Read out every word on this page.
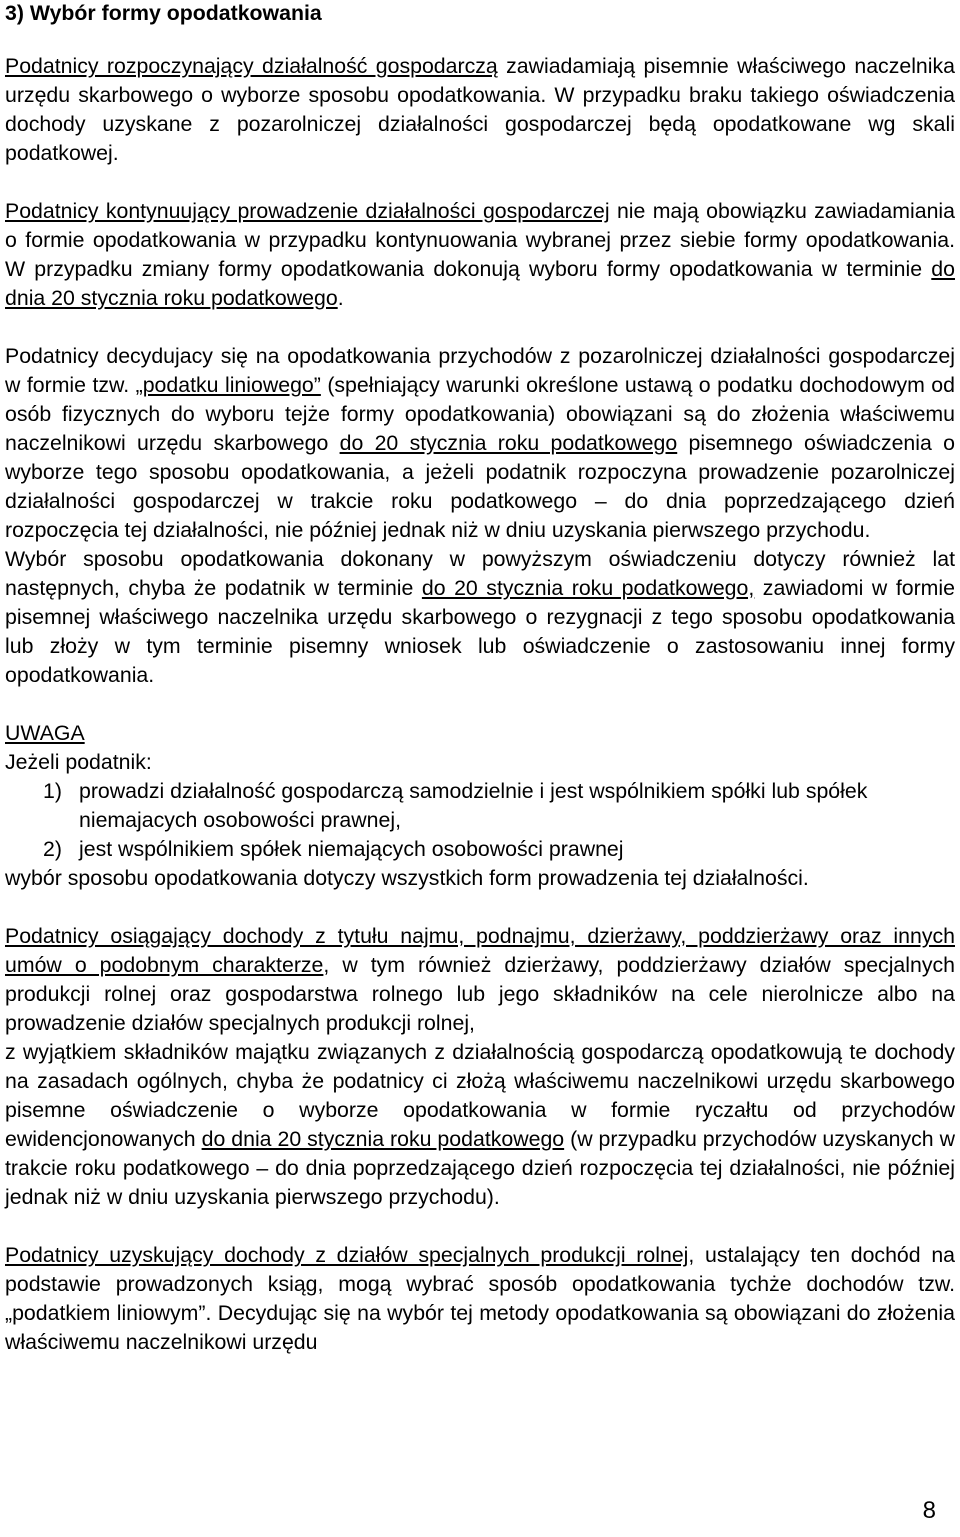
3) Wybór formy opodatkowania

Podatnicy rozpoczynający działalność gospodarczą zawiadamiają pisemnie właściwego naczelnika urzędu skarbowego o wyborze sposobu opodatkowania. W przypadku braku takiego oświadczenia dochody uzyskane z pozarolniczej działalności gospodarczej będą opodatkowane wg skali podatkowej.

Podatnicy kontynuujący prowadzenie działalności gospodarczej nie mają obowiązku zawiadamiania o formie opodatkowania w przypadku kontynuowania wybranej przez siebie formy opodatkowania. W przypadku zmiany formy opodatkowania dokonują wyboru formy opodatkowania w terminie do dnia 20 stycznia roku podatkowego.

Podatnicy decydujacy się na opodatkowania przychodów z pozarolniczej działalności gospodarczej w formie tzw. „podatku liniowego” (spełniający warunki określone ustawą o podatku dochodowym od osób fizycznych do wyboru tejże formy opodatkowania) obowiązani są do złożenia właściwemu naczelnikowi urzędu skarbowego do 20 stycznia roku podatkowego pisemnego oświadczenia o wyborze tego sposobu opodatkowania, a jeżeli podatnik rozpoczyna prowadzenie pozarolniczej działalności gospodarczej w trakcie roku podatkowego – do dnia poprzedzającego dzień rozpoczęcia tej działalności, nie później jednak niż w dniu uzyskania pierwszego przychodu.

Wybór sposobu opodatkowania dokonany w powyższym oświadczeniu dotyczy również lat następnych, chyba że podatnik w terminie do 20 stycznia roku podatkowego, zawiadomi w formie pisemnej właściwego naczelnika urzędu skarbowego o rezygnacji z tego sposobu opodatkowania lub złoży w tym terminie pisemny wniosek lub oświadczenie o zastosowaniu innej formy opodatkowania.

UWAGA

Jeżeli podatnik:

1) prowadzi działalność gospodarczą samodzielnie i jest wspólnikiem spółki lub spółek niemajacych osobowości prawnej,
2) jest wspólnikiem spółek niemających osobowości prawnej

wybór sposobu opodatkowania dotyczy wszystkich form prowadzenia tej działalności.

Podatnicy osiągający dochody z tytułu najmu, podnajmu, dzierżawy, poddzierżawy oraz innych umów o podobnym charakterze, w tym również dzierżawy, poddzierżawy działów specjalnych produkcji rolnej oraz gospodarstwa rolnego lub jego składników na cele nierolnicze albo na prowadzenie działów specjalnych produkcji rolnej,

z wyjątkiem składników majątku związanych z działalnością gospodarczą opodatkowują te dochody na zasadach ogólnych, chyba że podatnicy ci złożą właściwemu naczelnikowi urzędu skarbowego pisemne oświadczenie o wyborze opodatkowania w formie ryczałtu od przychodów ewidencjonowanych do dnia 20 stycznia roku podatkowego (w przypadku przychodów uzyskanych w trakcie roku podatkowego – do dnia poprzedzającego dzień rozpoczęcia tej działalności, nie później jednak niż w dniu uzyskania pierwszego przychodu).

Podatnicy uzyskujący dochody z działów specjalnych produkcji rolnej, ustalający ten dochód na podstawie prowadzonych ksiąg, mogą wybrać sposób opodatkowania tychże dochodów tzw. „podatkiem liniowym”. Decydując się na wybór tej metody opodatkowania są obowiązani do złożenia właściwemu naczelnikowi urzędu

8
